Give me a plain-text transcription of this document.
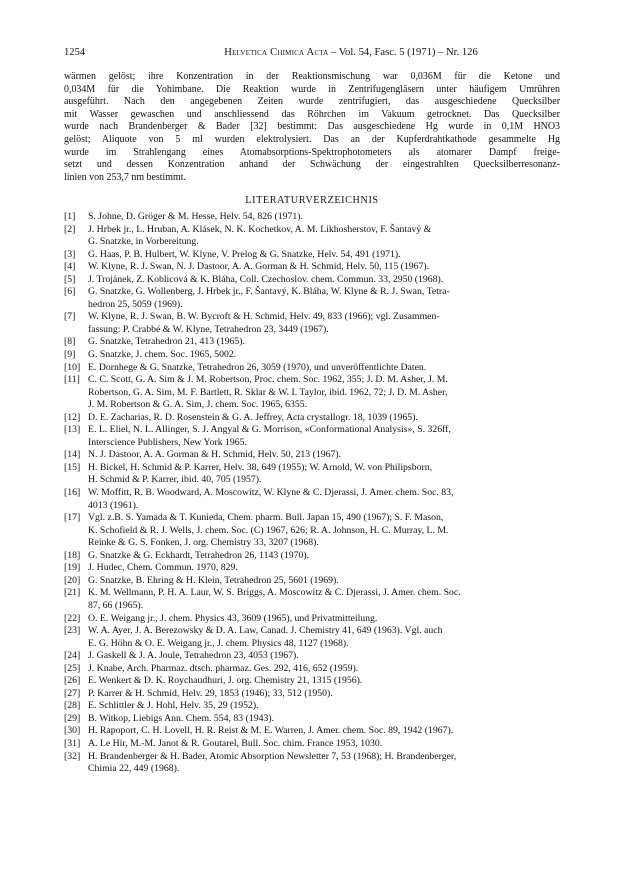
1254	Helvetica Chimica Acta – Vol. 54, Fasc. 5 (1971) – Nr. 126
wärmen gelöst; ihre Konzentration in der Reaktionsmischung war 0,036M für die Ketone und
0,034M für die Yohimbane. Die Reaktion wurde in Zentrifugengläsern unter häufigem Umrühren
ausgeführt. Nach den angegebenen Zeiten wurde zentrifugiert, das ausgeschiedene Quecksilber
mit Wasser gewaschen und anschliessend das Röhrchen im Vakuum getrocknet. Das Quecksilber
wurde nach Brandenberger & Bader [32] bestimmt: Das ausgeschiedene Hg wurde in 0,1M HNO3
gelöst; Aliquote von 5 ml wurden elektrolysiert. Das an der Kupferdrahtkathode gesammelte Hg
wurde im Strahlengang eines Atomabsorptions-Spektrophotometers als atomarer Dampf freige-
setzt und dessen Konzentration anhand der Schwächung der eingestrahlten Quecksilberresonanz-
linien von 253,7 nm bestimmt.
LITERATURVERZEICHNIS
[1]	S. Johne, D. Gröger & M. Hesse, Helv. 54, 826 (1971).
[2]	J. Hrbek jr., L. Hruban, A. Klásek, N. K. Kochetkov, A. M. Likhosherstov, F. Šantavý &
G. Snatzke, in Vorbereitung.
[3]	G. Haas, P. B. Hulbert, W. Klyne, V. Prelog & G. Snatzke, Helv. 54, 491 (1971).
[4]	W. Klyne, R. J. Swan, N. J. Dastoor, A. A. Gorman & H. Schmid, Helv. 50, 115 (1967).
[5]	J. Trojánek, Z. Koblicová & K. Bláha, Coll. Czechoslov. chem. Commun. 33, 2950 (1968).
[6]	G. Snatzke, G. Wollenberg, J. Hrbek jr., F. Šantavý, K. Bláha, W. Klyne & R. J. Swan, Tetra-
hedron 25, 5059 (1969).
[7]	W. Klyne, R. J. Swan, B. W. Bycroft & H. Schmid, Helv. 49, 833 (1966); vgl. Zusammen-
fassung: P. Crabbé & W. Klyne, Tetrahedron 23, 3449 (1967).
[8]	G. Snatzke, Tetrahedron 21, 413 (1965).
[9]	G. Snatzke, J. chem. Soc. 1965, 5002.
[10] E. Dornhege & G. Snatzke, Tetrahedron 26, 3059 (1970), und unveröffentlichte Daten.
[11] C. C. Scott, G. A. Sim & J. M. Robertson, Proc. chem. Soc. 1962, 355; J. D. M. Asher, J. M.
Robertson, G. A. Sim, M. F. Bartlett, R. Sklar & W. I. Taylor, ibid. 1962, 72; J. D. M. Asher,
J. M. Robertson & G. A. Sim, J. chem. Soc. 1965, 6355.
[12] D. E. Zacharias, R. D. Rosenstein & G. A. Jeffrey, Acta crystallogr. 18, 1039 (1965).
[13] E. L. Eliel, N. L. Allinger, S. J. Angyal & G. Morrison, «Conformational Analysis», S. 326ff,
Interscience Publishers, New York 1965.
[14] N. J. Dastoor, A. A. Gorman & H. Schmid, Helv. 50, 213 (1967).
[15] H. Bickel, H. Schmid & P. Karrer, Helv. 38, 649 (1955); W. Arnold, W. von Philipsborn,
H. Schmid & P. Karrer, ibid. 40, 705 (1957).
[16] W. Moffitt, R. B. Woodward, A. Moscowitz, W. Klyne & C. Djerassi, J. Amer. chem. Soc. 83,
4013 (1961).
[17] Vgl. z.B. S. Yamada & T. Kunieda, Chem. pharm. Bull. Japan 15, 490 (1967); S. F. Mason,
K. Schofield & R. J. Wells, J. chem. Soc. (C) 1967, 626; R. A. Johnson, H. C. Murray, L. M.
Reinke & G. S. Fonken, J. org. Chemistry 33, 3207 (1968).
[18] G. Snatzke & G. Eckhardt, Tetrahedron 26, 1143 (1970).
[19] J. Hudec, Chem. Commun. 1970, 829.
[20] G. Snatzke, B. Ehring & H. Klein, Tetrahedron 25, 5601 (1969).
[21] K. M. Wellmann, P. H. A. Laur, W. S. Briggs, A. Moscowitz & C. Djerassi, J. Amer. chem. Soc.
87, 66 (1965).
[22] O. E. Weigang jr., J. chem. Physics 43, 3609 (1965), und Privatmitteilung.
[23] W. A. Ayer, J. A. Berezowsky & D. A. Law, Canad. J. Chemistry 41, 649 (1963). Vgl. auch
E. G. Höhn & O. E. Weigang jr., J. chem. Physics 48, 1127 (1968).
[24] J. Gaskell & J. A. Joule, Tetrahedron 23, 4053 (1967).
[25] J. Knabe, Arch. Pharmaz. dtsch. pharmaz. Ges. 292, 416, 652 (1959).
[26] E. Wenkert & D. K. Roychaudhuri, J. org. Chemistry 21, 1315 (1956).
[27] P. Karrer & H. Schmid, Helv. 29, 1853 (1946); 33, 512 (1950).
[28] E. Schlittler & J. Hohl, Helv. 35, 29 (1952).
[29] B. Witkop, Liebigs Ann. Chem. 554, 83 (1943).
[30] H. Rapoport, C. H. Lovell, H. R. Reist & M. E. Warren, J. Amer. chem. Soc. 89, 1942 (1967).
[31] A. Le Hir, M.-M. Janot & R. Goutarel, Bull. Soc. chim. France 1953, 1030.
[32] H. Brandenberger & H. Bader, Atomic Absorption Newsletter 7, 53 (1968); H. Brandenberger,
Chimia 22, 449 (1968).
